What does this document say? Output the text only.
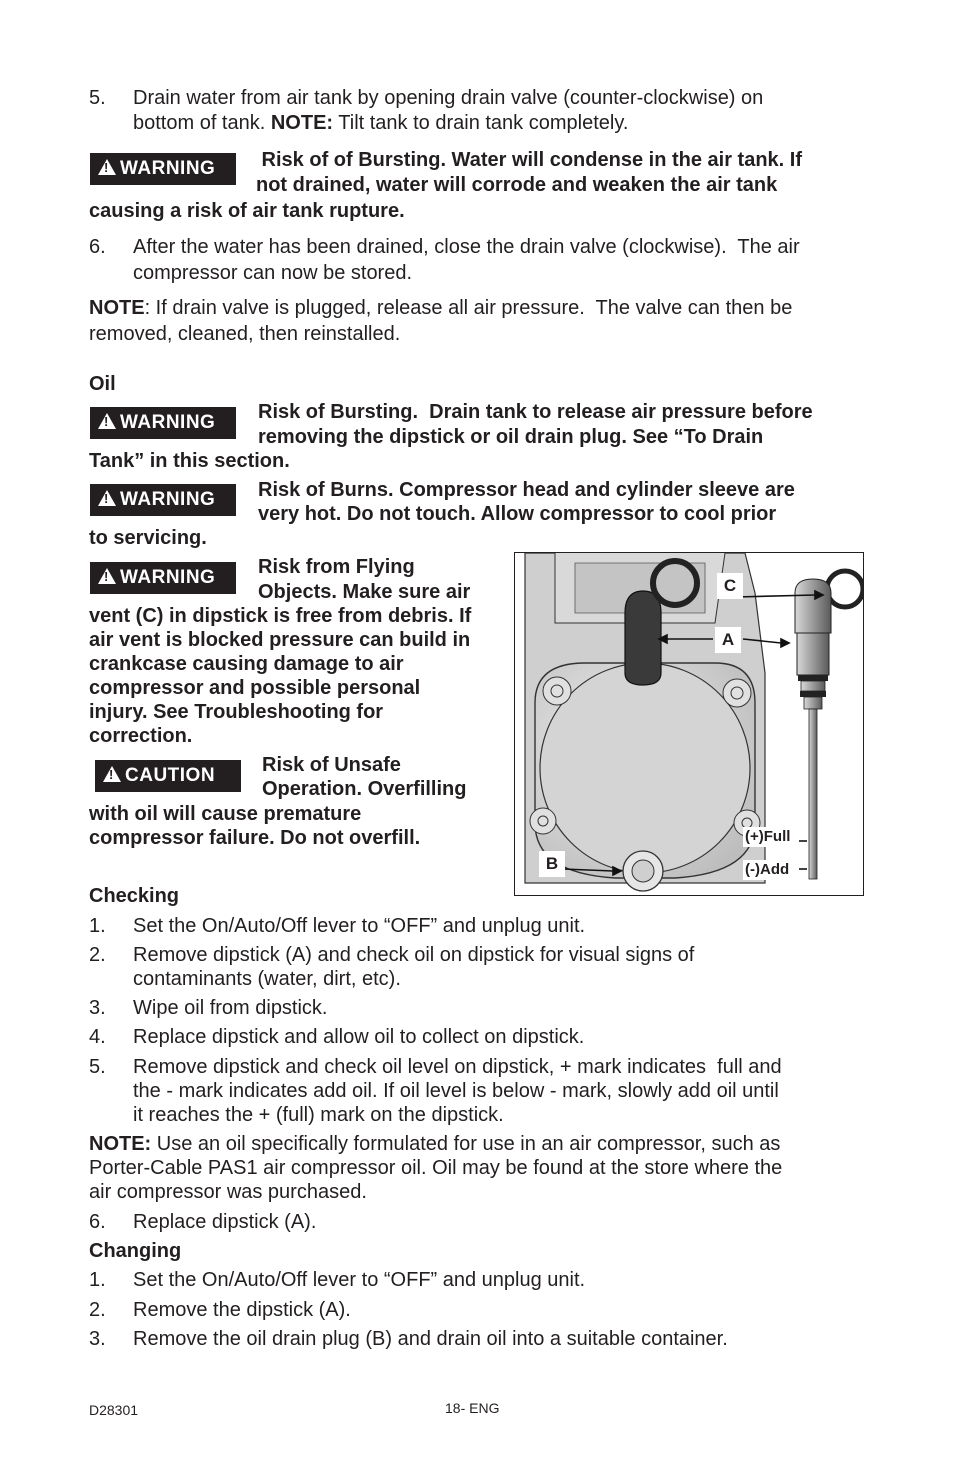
5.	Drain water from air tank by opening drain valve (counter-clockwise) on
bottom of tank. NOTE: Tilt tank to drain tank completely.
!WARNING	Risk of of Bursting. Water will condense in the air tank. If
not drained, water will corrode and weaken the air tank
causing a risk of air tank rupture.
6.	After the water has been drained, close the drain valve (clockwise).  The air
compressor can now be stored.
NOTE: If drain valve is plugged, release all air pressure.  The valve can then be
removed, cleaned, then reinstalled.
Oil
!WARNING	Risk of Bursting.  Drain tank to release air pressure before
removing the dipstick or oil drain plug. See “To Drain
Tank” in this section.
!WARNING	Risk of Burns. Compressor head and cylinder sleeve are
very hot. Do not touch. Allow compressor to cool prior
to servicing.
!WARNING	Risk from Flying
Objects. Make sure air
vent (C) in dipstick is free from debris. If
air vent is blocked pressure can build in
crankcase causing damage to air
compressor and possible personal
injury. See Troubleshooting for
correction.
!CAUTION	Risk of Unsafe
Operation. Overfilling
with oil will cause premature
compressor failure. Do not overfill.
C
A
B
(+)Full
(-)Add
Checking
1.	Set the On/Auto/Off lever to “OFF” and unplug unit.
2.	Remove dipstick (A) and check oil on dipstick for visual signs of
contaminants (water, dirt, etc).
3.	Wipe oil from dipstick.
4.	Replace dipstick and allow oil to collect on dipstick.
5.	Remove dipstick and check oil level on dipstick, + mark indicates  full and
the - mark indicates add oil. If oil level is below - mark, slowly add oil until
it reaches the + (full) mark on the dipstick.
NOTE: Use an oil specifically formulated for use in an air compressor, such as
Porter-Cable PAS1 air compressor oil. Oil may be found at the store where the
air compressor was purchased.
6.	Replace dipstick (A).
Changing
1.	Set the On/Auto/Off lever to “OFF” and unplug unit.
2.	Remove the dipstick (A).
3.	Remove the oil drain plug (B) and drain oil into a suitable container.
D28301	18- ENG
